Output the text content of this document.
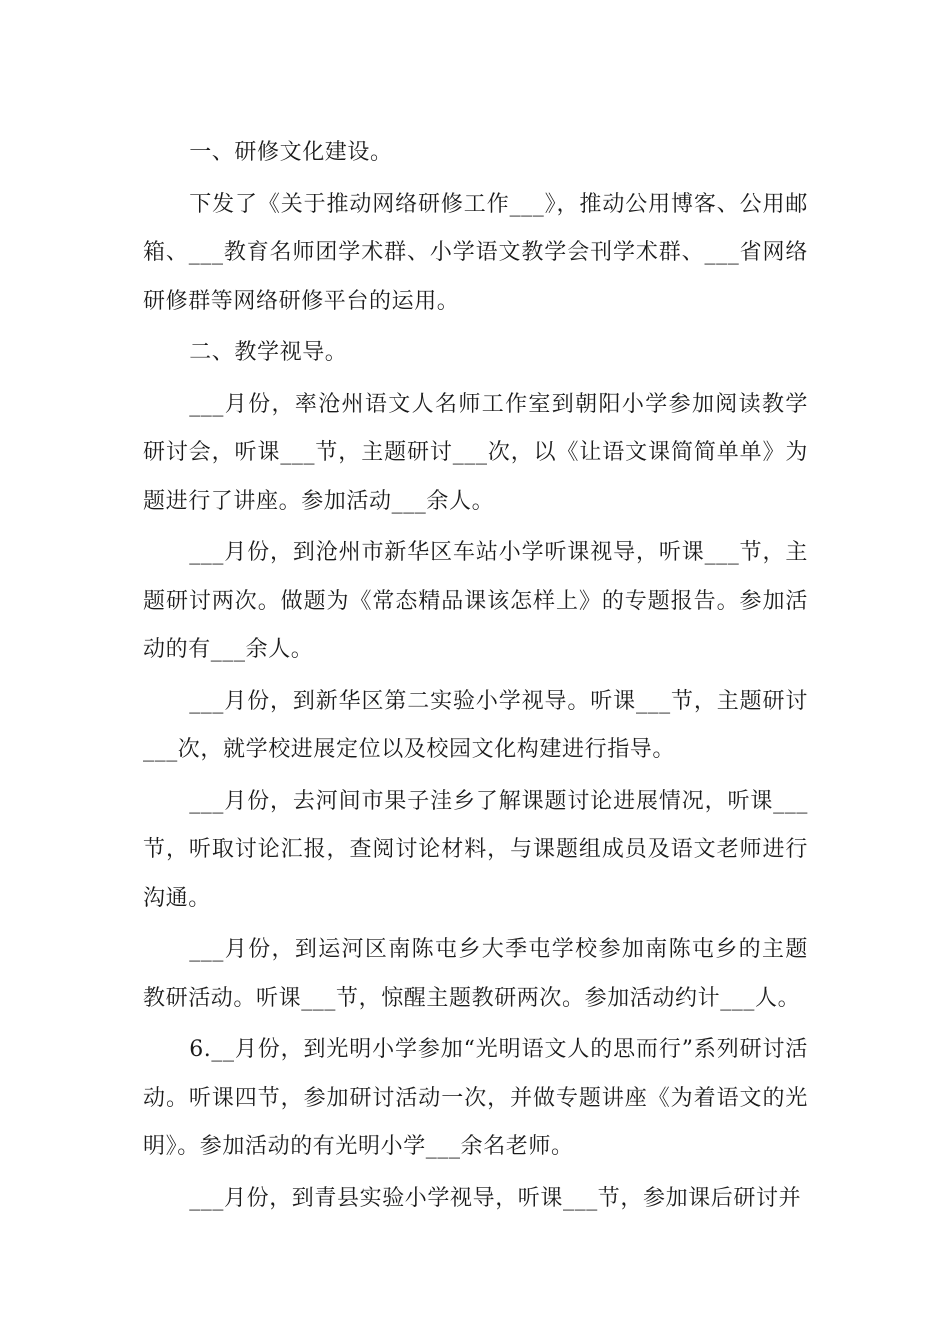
一、研修文化建设。

下发了《关于推动网络研修工作___》，推动公用博客、公用邮箱、___教育名师团学术群、小学语文教学会刊学术群、___省网络研修群等网络研修平台的运用。

二、教学视导。

___月份，率沧州语文人名师工作室到朝阳小学参加阅读教学研讨会，听课___节，主题研讨___次，以《让语文课简简单单》为题进行了讲座。参加活动___余人。

___月份，到沧州市新华区车站小学听课视导，听课___节，主题研讨两次。做题为《常态精品课该怎样上》的专题报告。参加活动的有___余人。

___月份，到新华区第二实验小学视导。听课___节，主题研讨___次，就学校进展定位以及校园文化构建进行指导。

___月份，去河间市果子洼乡了解课题讨论进展情况，听课___节，听取讨论汇报，查阅讨论材料，与课题组成员及语文老师进行沟通。

___月份，到运河区南陈屯乡大季屯学校参加南陈屯乡的主题教研活动。听课___节，惊醒主题教研两次。参加活动约计___人。

6.__月份，到光明小学参加“光明语文人的思而行”系列研讨活动。听课四节，参加研讨活动一次，并做专题讲座《为着语文的光明》。参加活动的有光明小学___余名老师。

___月份，到青县实验小学视导，听课___节，参加课后研讨并
